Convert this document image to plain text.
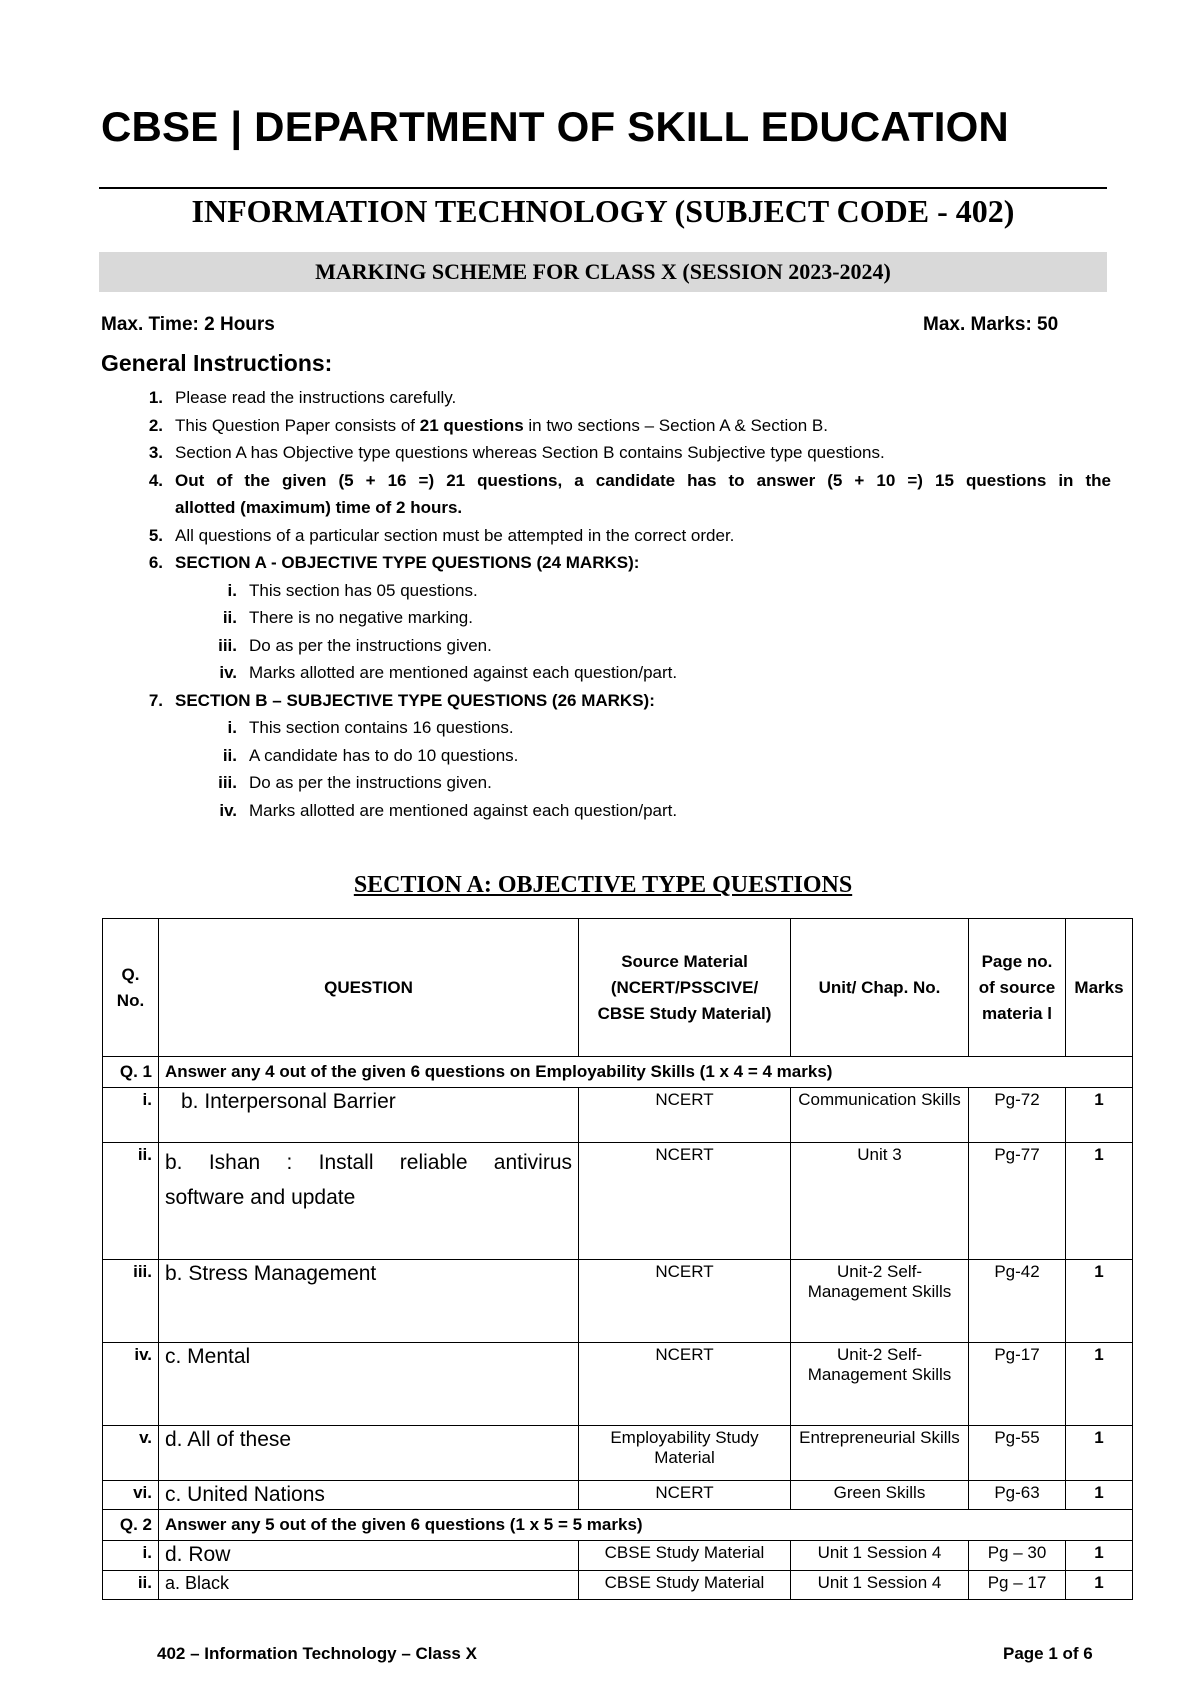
CBSE | DEPARTMENT OF SKILL EDUCATION
INFORMATION TECHNOLOGY (SUBJECT CODE - 402)
MARKING SCHEME FOR CLASS X (SESSION 2023-2024)
Max. Time: 2 Hours	Max. Marks: 50
General Instructions:
1. Please read the instructions carefully.
2. This Question Paper consists of 21 questions in two sections – Section A & Section B.
3. Section A has Objective type questions whereas Section B contains Subjective type questions.
4. Out of the given (5 + 16 =) 21 questions, a candidate has to answer (5 + 10 =) 15 questions in the
allotted (maximum) time of 2 hours.
5. All questions of a particular section must be attempted in the correct order.
6. SECTION A - OBJECTIVE TYPE QUESTIONS (24 MARKS):
i. This section has 05 questions.
ii. There is no negative marking.
iii. Do as per the instructions given.
iv. Marks allotted are mentioned against each question/part.
7. SECTION B – SUBJECTIVE TYPE QUESTIONS (26 MARKS):
i. This section contains 16 questions.
ii. A candidate has to do 10 questions.
iii. Do as per the instructions given.
iv. Marks allotted are mentioned against each question/part.
SECTION A: OBJECTIVE TYPE QUESTIONS
Q. No.	QUESTION	Source Material (NCERT/PSSCIVE/ CBSE Study Material)	Unit/ Chap. No.	Page no. of source materia l	Marks
Q. 1	Answer any 4 out of the given 6 questions on Employability Skills (1 x 4 = 4 marks)				
i.	b. Interpersonal Barrier	NCERT	Communication Skills	Pg-72	1
ii.	b. Ishan : Install reliable antivirus
software and update	NCERT	Unit 3	Pg-77	1
iii.	b. Stress Management	NCERT	Unit-2 Self-Management Skills	Pg-42	1
iv.	c. Mental	NCERT	Unit-2 Self-Management Skills	Pg-17	1
v.	d. All of these	Employability Study Material	Entrepreneurial Skills	Pg-55	1
vi.	c. United Nations	NCERT	Green Skills	Pg-63	1
Q. 2	Answer any 5 out of the given 6 questions (1 x 5 = 5 marks)				
i.	d. Row	CBSE Study Material	Unit 1 Session 4	Pg – 30	1
ii.	a. Black	CBSE Study Material	Unit 1 Session 4	Pg – 17	1
402 – Information Technology – Class X	Page 1 of 6
